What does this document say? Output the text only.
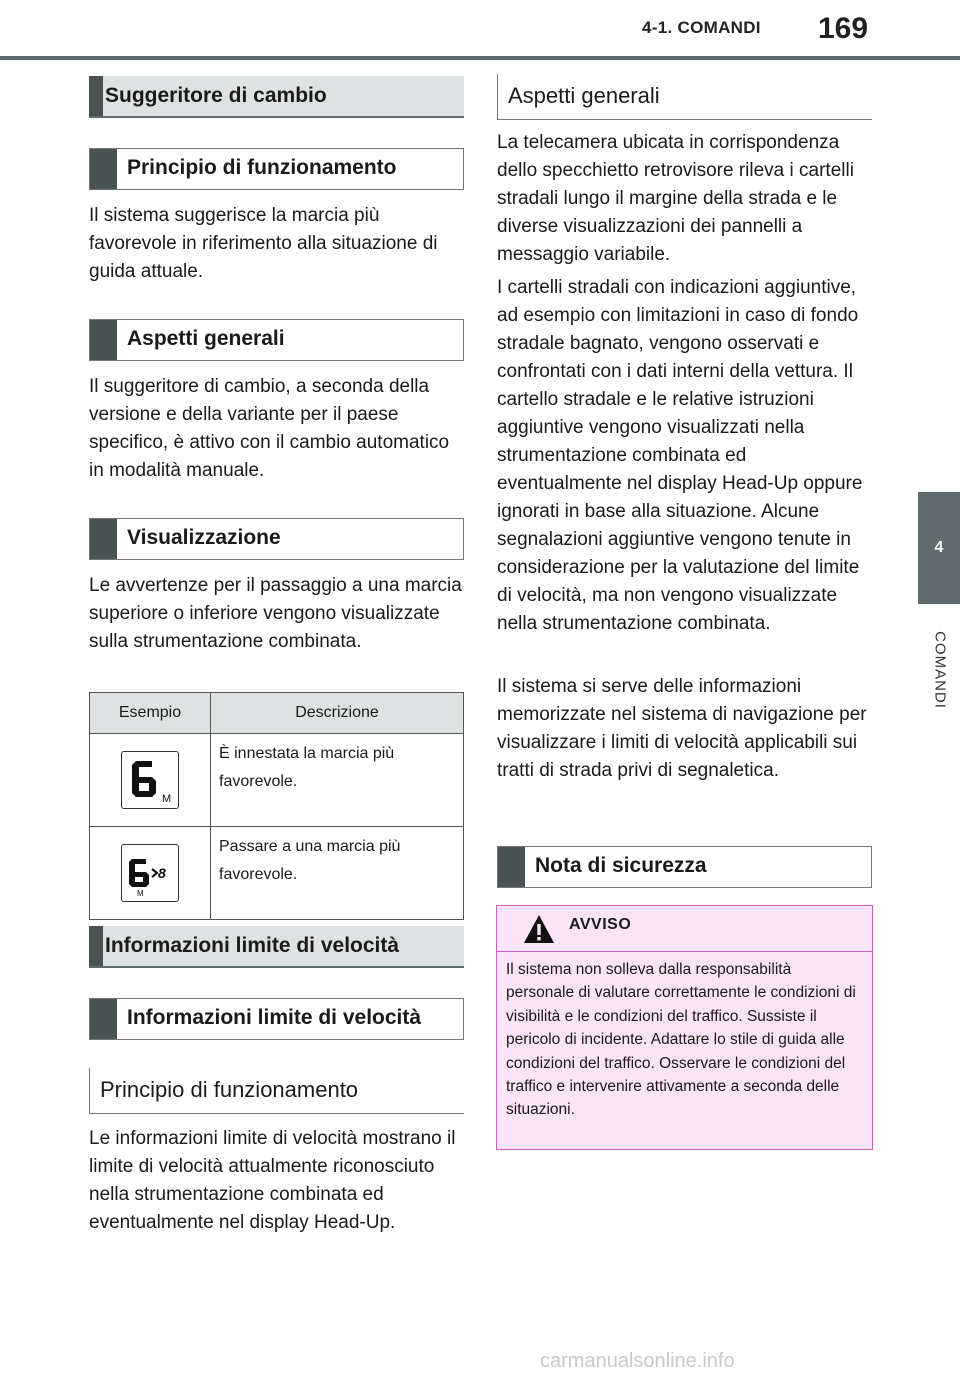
4-1. COMANDI 169
4
COMANDI
Suggeritore di cambio
Principio di funzionamento
Il sistema suggerisce la marcia più favorevole in riferimento alla situazione di guida attuale.
Aspetti generali
Il suggeritore di cambio, a seconda della versione e della variante per il paese specifico, è attivo con il cambio automatico in modalità manuale.
Visualizzazione
Le avvertenze per il passaggio a una marcia superiore o inferiore vengono visualizzate sulla strumentazione combinata.
Esempio	Descrizione

M	È innestata la marcia più favorevole.

8
M	Passare a una marcia più favorevole.
Informazioni limite di velocità
Informazioni limite di velocità
Principio di funzionamento
Le informazioni limite di velocità mostrano il limite di velocità attualmente riconosciuto nella strumentazione combinata ed eventualmente nel display Head-Up.
Aspetti generali
La telecamera ubicata in corrispondenza dello specchietto retrovisore rileva i cartelli stradali lungo il margine della strada e le diverse visualizzazioni dei pannelli a messaggio variabile.
I cartelli stradali con indicazioni aggiuntive, ad esempio con limitazioni in caso di fondo stradale bagnato, vengono osservati e confrontati con i dati interni della vettura. Il cartello stradale e le relative istruzioni aggiuntive vengono visualizzati nella strumentazione combinata ed eventualmente nel display Head-Up oppure ignorati in base alla situazione. Alcune segnalazioni aggiuntive vengono tenute in considerazione per la valutazione del limite di velocità, ma non vengono visualizzate nella strumentazione combinata.
Il sistema si serve delle informazioni memorizzate nel sistema di navigazione per visualizzare i limiti di velocità applicabili sui tratti di strada privi di segnaletica.
Nota di sicurezza
AVVISO
Il sistema non solleva dalla responsabilità personale di valutare correttamente le condizioni di visibilità e le condizioni del traffico. Sussiste il pericolo di incidente. Adattare lo stile di guida alle condizioni del traffico. Osservare le condizioni del traffico e intervenire attivamente a seconda delle situazioni.
carmanualsonline.info
